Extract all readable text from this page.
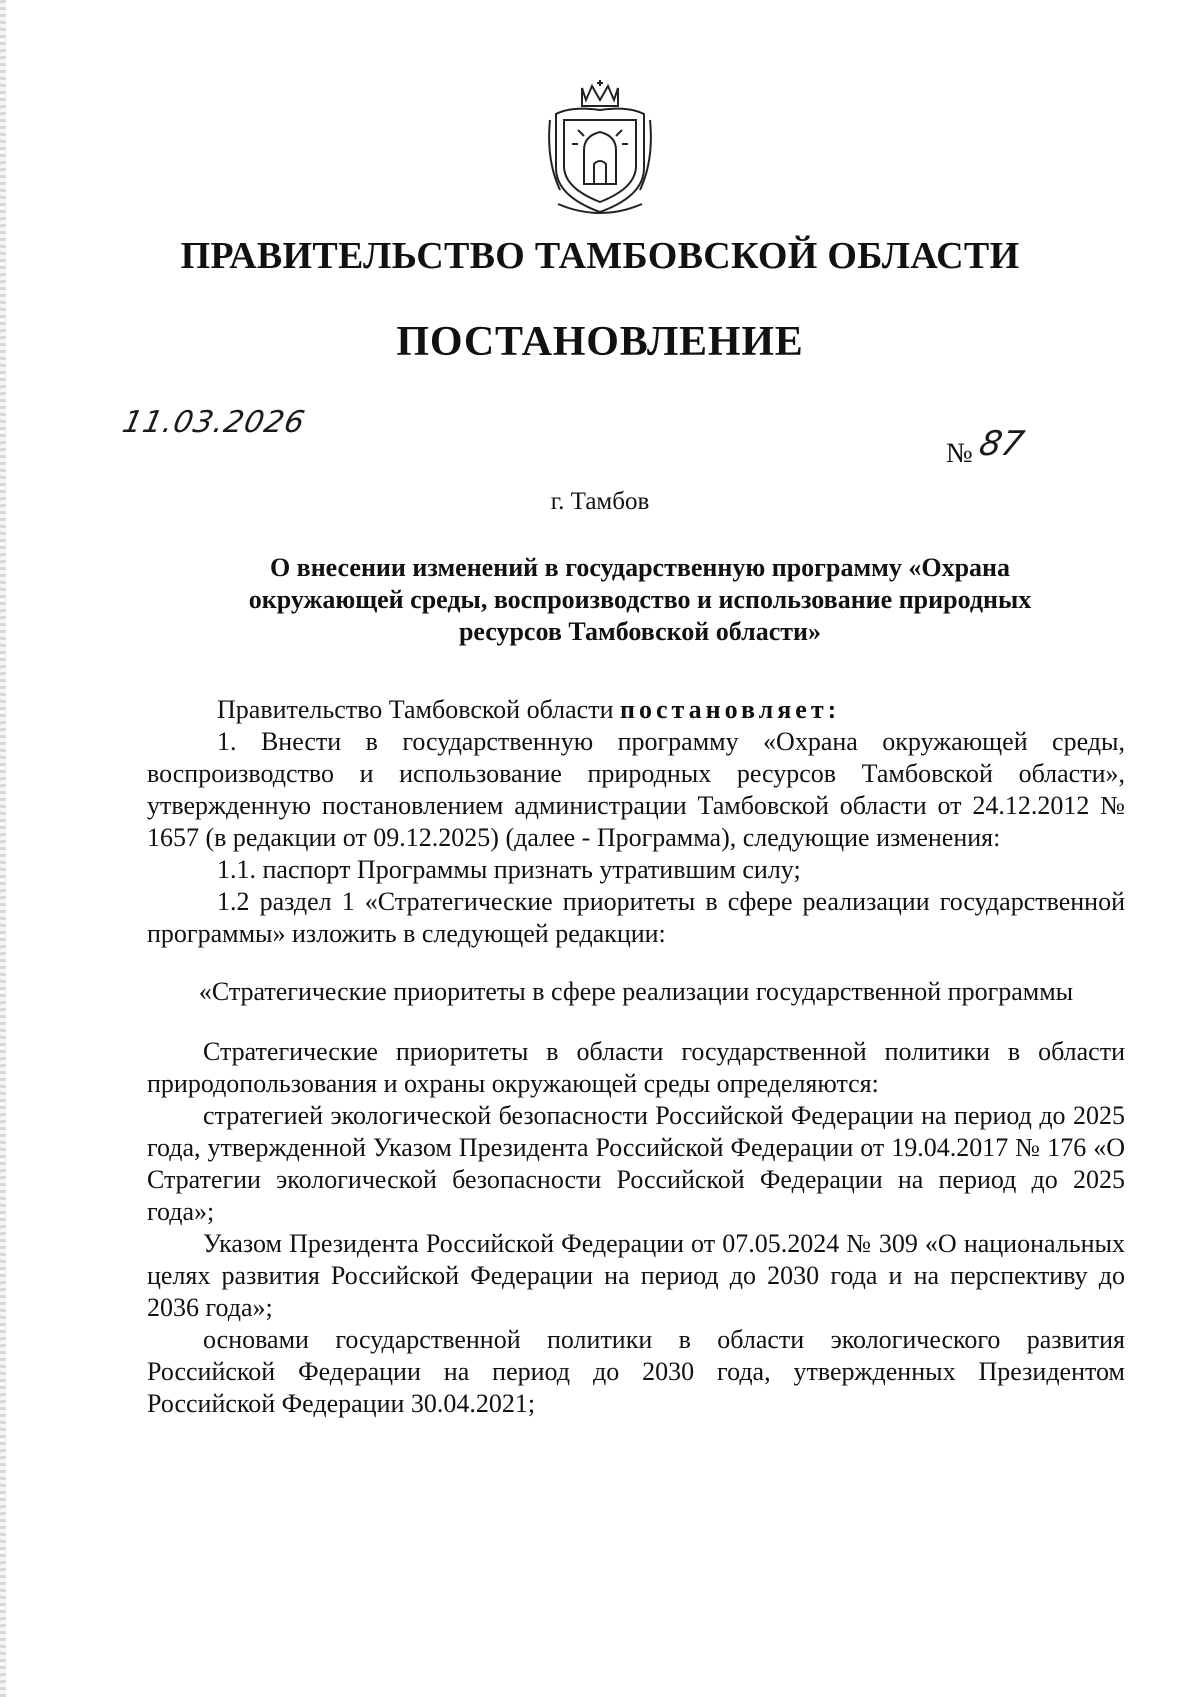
ПРАВИТЕЛЬСТВО ТАМБОВСКОЙ ОБЛАСТИ
ПОСТАНОВЛЕНИЕ
11.03.2026
№ 87
г. Тамбов
О внесении изменений в государственную программу «Охрана окружающей среды, воспроизводство и использование природных ресурсов Тамбовской области»

Правительство Тамбовской области постановляет:

1. Внести в государственную программу «Охрана окружающей среды, воспроизводство и использование природных ресурсов Тамбовской области», утвержденную постановлением администрации Тамбовской области от 24.12.2012 № 1657 (в редакции от 09.12.2025) (далее - Программа), следующие изменения:

1.1. паспорт Программы признать утратившим силу;

1.2 раздел 1 «Стратегические приоритеты в сфере реализации государственной программы» изложить в следующей редакции:

«Стратегические приоритеты в сфере реализации государственной программы

Стратегические приоритеты в области государственной политики в области природопользования и охраны окружающей среды определяются:

стратегией экологической безопасности Российской Федерации на период до 2025 года, утвержденной Указом Президента Российской Федерации от 19.04.2017 № 176 «О Стратегии экологической безопасности Российской Федерации на период до 2025 года»;

Указом Президента Российской Федерации от 07.05.2024 № 309 «О национальных целях развития Российской Федерации на период до 2030 года и на перспективу до 2036 года»;

основами государственной политики в области экологического развития Российской Федерации на период до 2030 года, утвержденных Президентом Российской Федерации 30.04.2021;
